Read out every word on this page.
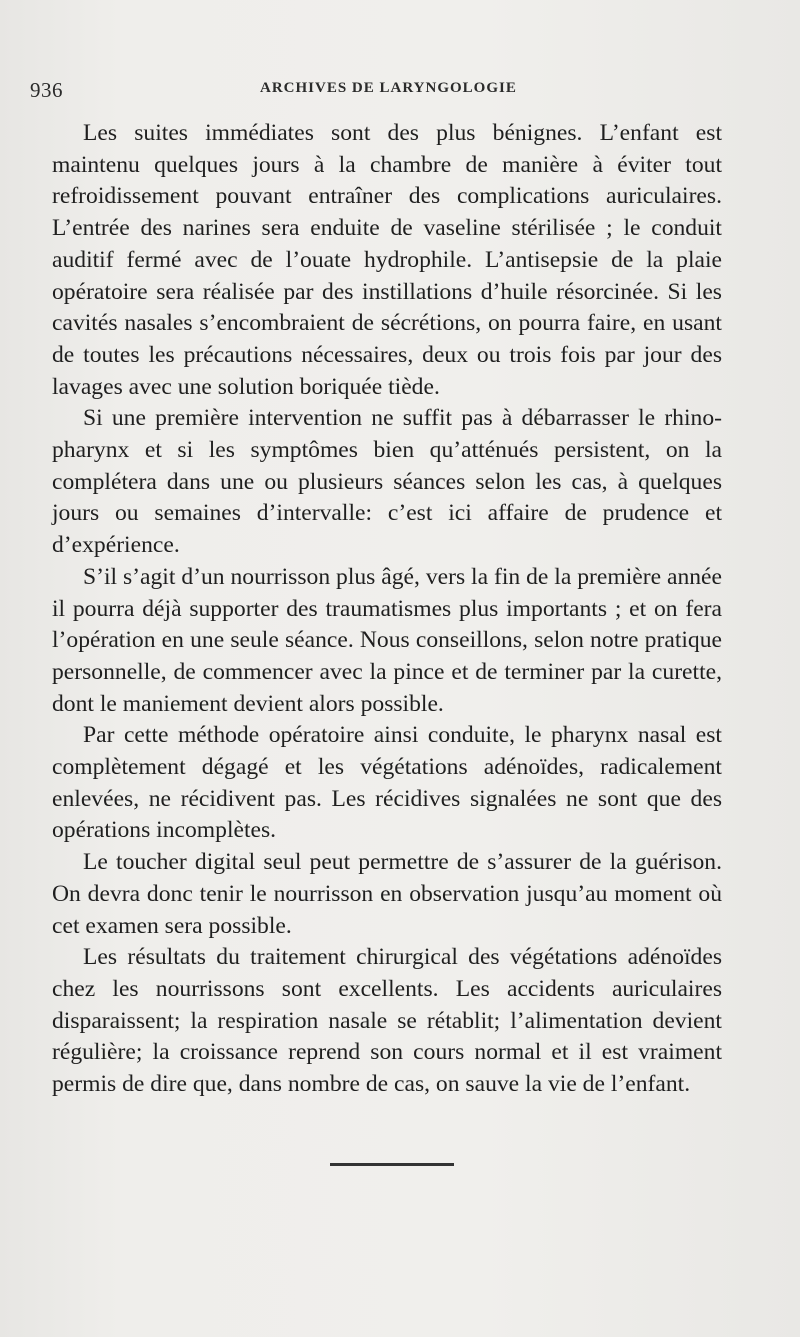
936	ARCHIVES DE LARYNGOLOGIE

Les suites immédiates sont des plus bénignes. L’enfant est maintenu quelques jours à la chambre de manière à éviter tout refroidissement pouvant entraîner des complications auriculaires. L’entrée des narines sera enduite de vaseline stérilisée ; le conduit auditif fermé avec de l’ouate hydrophile. L’antisepsie de la plaie opératoire sera réalisée par des instillations d’huile résorcinée. Si les cavités nasales s’encombraient de sécrétions, on pourra faire, en usant de toutes les précautions nécessaires, deux ou trois fois par jour des lavages avec une solution boriquée tiède.

Si une première intervention ne suffit pas à débarrasser le rhino-pharynx et si les symptômes bien qu’atténués persistent, on la complétera dans une ou plusieurs séances selon les cas, à quelques jours ou semaines d’intervalle: c’est ici affaire de prudence et d’expérience.

S’il s’agit d’un nourrisson plus âgé, vers la fin de la première année il pourra déjà supporter des traumatismes plus importants ; et on fera l’opération en une seule séance. Nous conseillons, selon notre pratique personnelle, de commencer avec la pince et de terminer par la curette, dont le maniement devient alors possible.

Par cette méthode opératoire ainsi conduite, le pharynx nasal est complètement dégagé et les végétations adénoïdes, radicalement enlevées, ne récidivent pas. Les récidives signalées ne sont que des opérations incomplètes.

Le toucher digital seul peut permettre de s’assurer de la guérison. On devra donc tenir le nourrisson en observation jusqu’au moment où cet examen sera possible.

Les résultats du traitement chirurgical des végétations adénoïdes chez les nourrissons sont excellents. Les accidents auriculaires disparaissent; la respiration nasale se rétablit; l’alimentation devient régulière; la croissance reprend son cours normal et il est vraiment permis de dire que, dans nombre de cas, on sauve la vie de l’enfant.
